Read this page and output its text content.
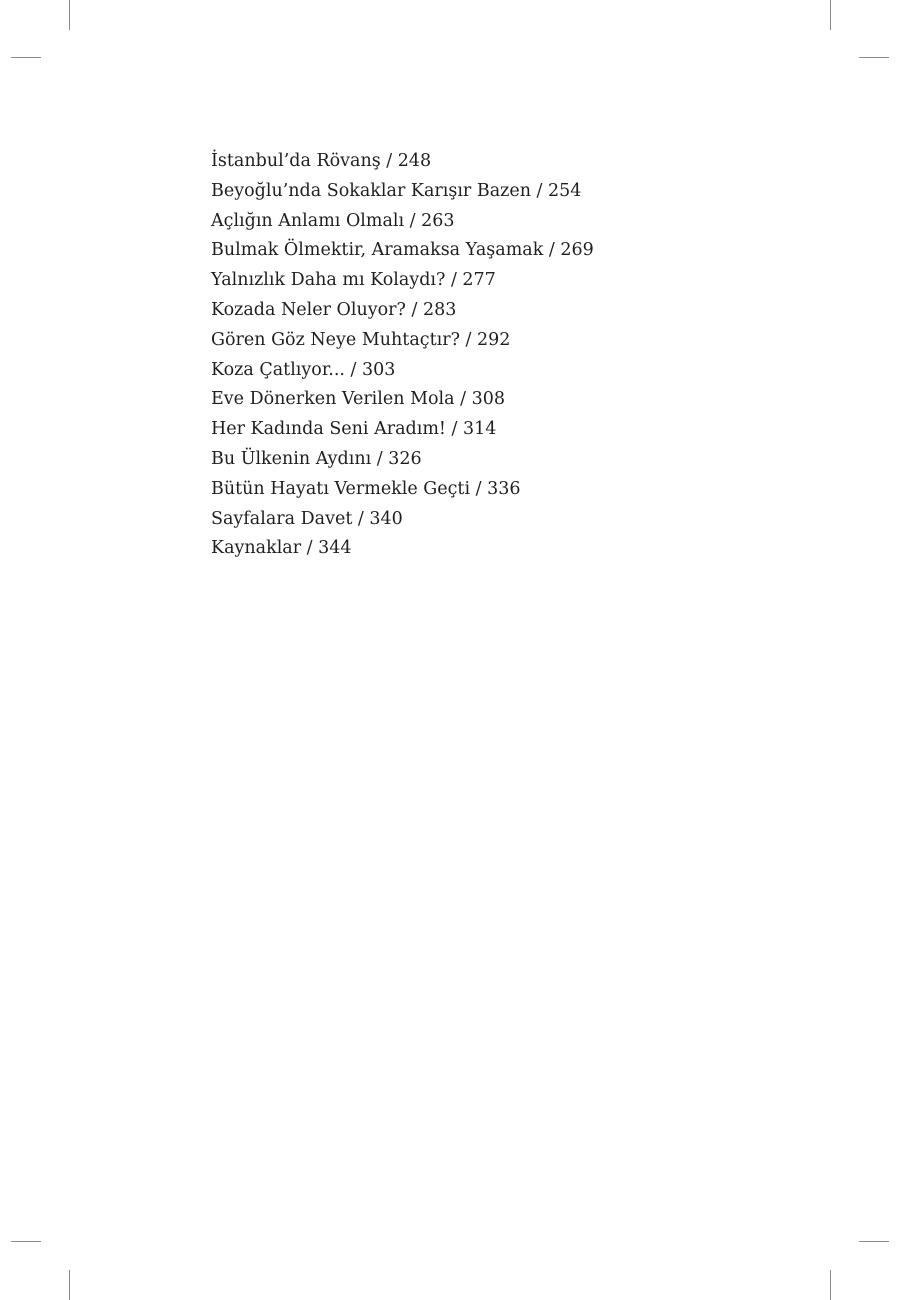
İstanbul’da Rövanş / 248
Beyoğlu’nda Sokaklar Karışır Bazen / 254
Açlığın Anlamı Olmalı / 263
Bulmak Ölmektir, Aramaksa Yaşamak / 269
Yalnızlık Daha mı Kolaydı? / 277
Kozada Neler Oluyor? / 283
Gören Göz Neye Muhtaçtır? / 292
Koza Çatlıyor... / 303
Eve Dönerken Verilen Mola / 308
Her Kadında Seni Aradım! / 314
Bu Ülkenin Aydını / 326
Bütün Hayatı Vermekle Geçti / 336
Sayfalara Davet / 340
Kaynaklar / 344
